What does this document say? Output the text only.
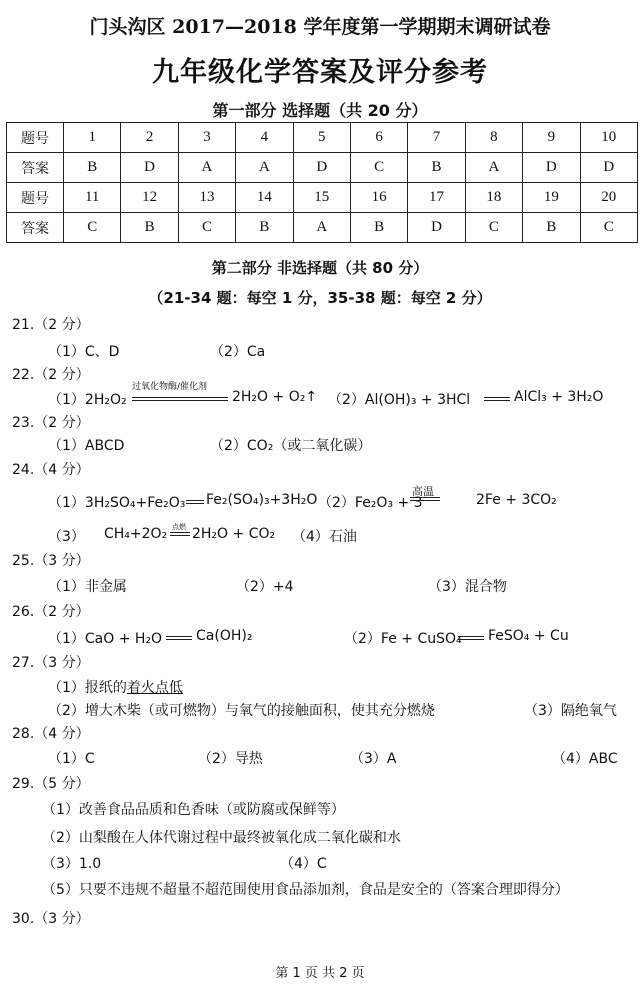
门头沟区 2017—2018 学年度第一学期期末调研试卷
九年级化学答案及评分参考
第一部分 选择题（共 20 分）
题号	1	2	3	4	5	6	7	8	9	10
答案	B	D	A	A	D	C	B	A	D	D
题号	11	12	13	14	15	16	17	18	19	20
答案	C	B	C	B	A	B	D	C	B	C
第二部分 非选择题（共 80 分）
（21-34 题：每空 1 分，35-38 题：每空 2 分）
21.（2 分）
（1）C、D	（2）Ca
22.（2 分）
过氧化物酶/催化剂
（1）2H₂O₂	2H₂O + O₂↑ （2）Al(OH)₃ + 3HCl	AlCl₃ + 3H₂O
23.（2 分）
（1）ABCD	（2）CO₂（或二氧化碳）
24.（4 分）
（1）3H₂SO₄+Fe₂O₃ Fe₂(SO₄)₃+3H₂O （2）Fe₂O₃ + 3
高温
2Fe + 3CO₂
（3） CH₄+2O₂ 点燃 2H₂O + CO₂ （4）石油
25.（3 分）
（1）非金属	（2）+4	（3）混合物
26.（2 分）
（1）CaO + H₂O Ca(OH)₂	（2）Fe + CuSO₄ FeSO₄ + Cu
27.（3 分）
（1）报纸的着火点低
（2）增大木柴（或可燃物）与氧气的接触面积，使其充分燃烧	（3）隔绝氧气
28.（4 分）
（1）C	（2）导热	（3）A	（4）ABC
29.（5 分）
（1）改善食品品质和色香味（或防腐或保鲜等）
（2）山梨酸在人体代谢过程中最终被氧化成二氧化碳和水
（3）1.0	（4）C
（5）只要不违规不超量不超范围使用食品添加剂，食品是安全的（答案合理即得分）
30.（3 分）
第 1 页 共 2 页
